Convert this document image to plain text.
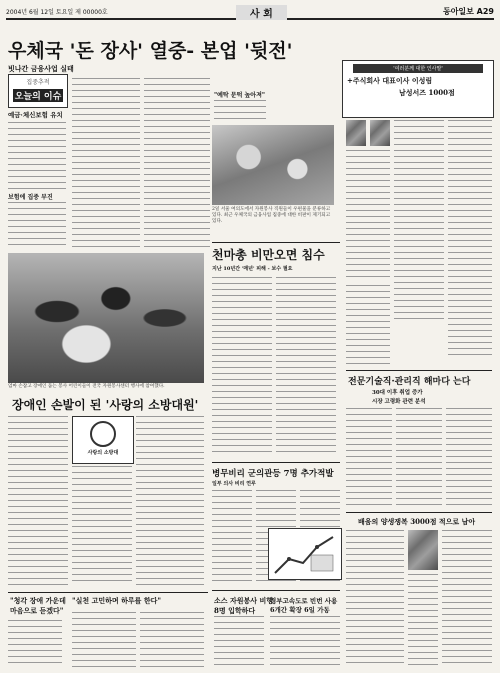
2004년 6월 12일 토요일 제 00000호	사 회	동아일보 A29
우체국 '돈 장사' 열중- 본업 '뒷전'
빗나간 금융사업 실태
집중추적
오늘의 이슈
예금·체신보험 유치
보험에 집중 부진
"예탁 문턱 높아져"
2일 서울 여의도에서 자원봉사 직원들이 우편물을 분류하고 있다. 최근 우체국의 금융사업 집중에 대한 비판이 제기되고 있다.
천마총 비만오면 침수
지난 10년간 '매년' 피해 - 보수 필요
'여러분께 대한 인사말'
+주식회사 대표이사 이성림
남성서즈 1000점
엄마 손잡고 장애인 돕는 봉사 어린이들이 전국 자원봉사센터 행사에 참여했다.
장애인 손발이 된 '사랑의 소방대원'
사랑의 소방대
병무비리 군의관등 7명 추가적발
일부 의사 비리 연루
전문기술직·관리직 해마다 는다
30대 이후 취업 증가
시장 고령화 관련 분석
"청각 장애 가운데
마음으로 듣겠다"
"실천 고민하며 하루를 한다"	소스 자원봉사 비행
8명 입학하다
경부고속도로 빈번 사용
6개간 확장 6일 가동
배움의 양생쟁복 3000점 적으로 남아
